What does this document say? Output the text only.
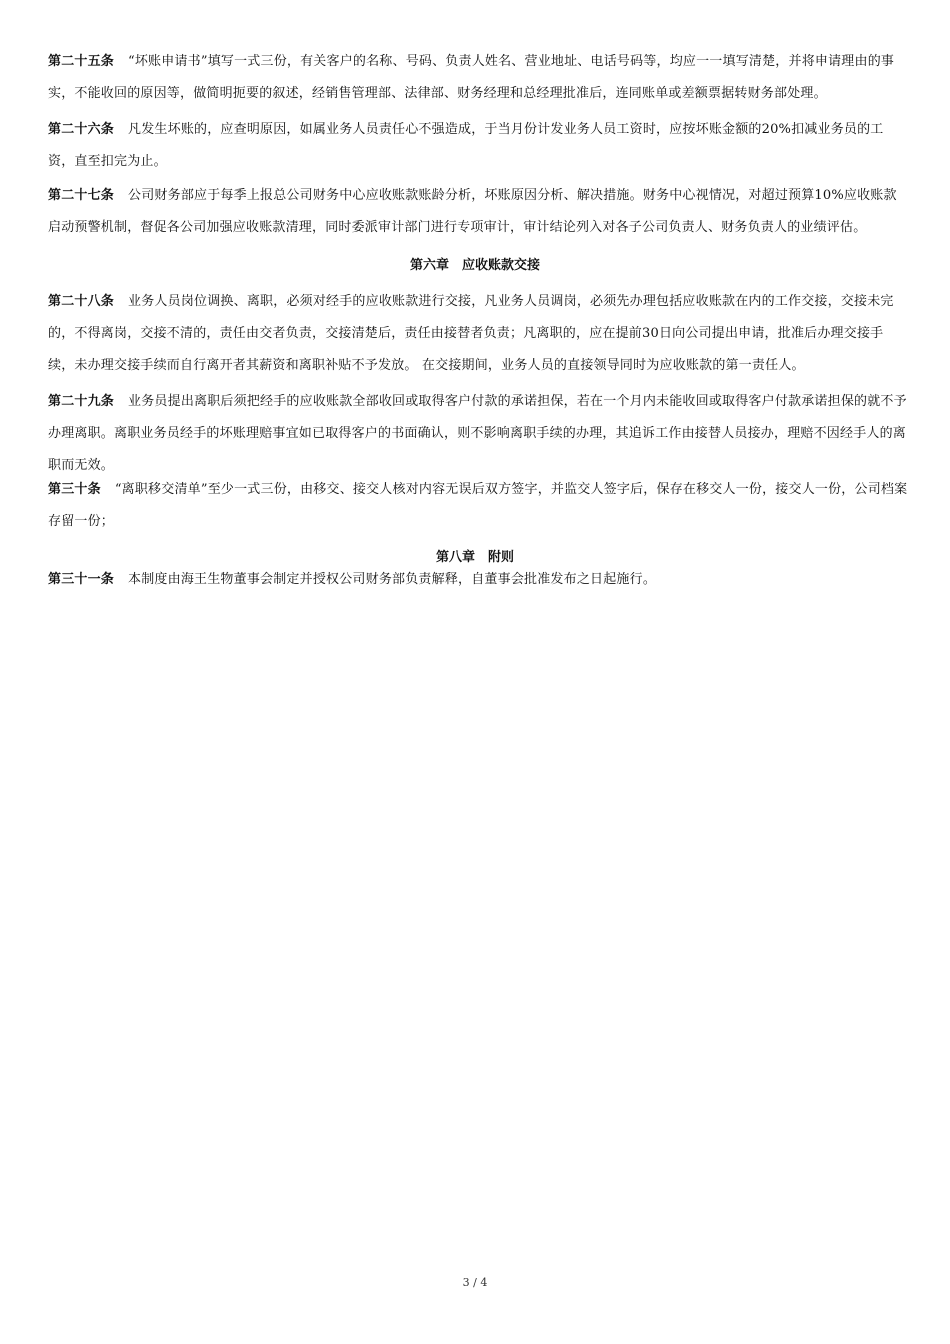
第二十五条 “坏账申请书”填写一式三份，有关客户的名称、号码、负责人姓名、营业地址、电话号码等，均应一一填写清楚，并将申请理由的事实，不能收回的原因等，做简明扼要的叙述，经销售管理部、法律部、财务经理和总经理批准后，连同账单或差额票据转财务部处理。

第二十六条 凡发生坏账的，应查明原因，如属业务人员责任心不强造成，于当月份计发业务人员工资时，应按坏账金额的20%扣减业务员的工资，直至扣完为止。

第二十七条 公司财务部应于每季上报总公司财务中心应收账款账龄分析，坏账原因分析、解决措施。财务中心视情况，对超过预算10%应收账款启动预警机制，督促各公司加强应收账款清理，同时委派审计部门进行专项审计，审计结论列入对各子公司负责人、财务负责人的业绩评估。

第六章　应收账款交接

第二十八条 业务人员岗位调换、离职，必须对经手的应收账款进行交接，凡业务人员调岗，必须先办理包括应收账款在内的工作交接，交接未完的，不得离岗，交接不清的，责任由交者负责，交接清楚后，责任由接替者负责；凡离职的，应在提前30日向公司提出申请，批准后办理交接手续，未办理交接手续而自行离开者其薪资和离职补贴不予发放。 在交接期间，业务人员的直接领导同时为应收账款的第一责任人。

第二十九条 业务员提出离职后须把经手的应收账款全部收回或取得客户付款的承诺担保，若在一个月内未能收回或取得客户付款承诺担保的就不予办理离职。离职业务员经手的坏账理赔事宜如已取得客户的书面确认，则不影响离职手续的办理，其追诉工作由接替人员接办，理赔不因经手人的离职而无效。

第三十条 “离职移交清单”至少一式三份，由移交、接交人核对内容无误后双方签字，并监交人签字后，保存在移交人一份，接交人一份，公司档案存留一份；

第八章　附则

第三十一条 本制度由海王生物董事会制定并授权公司财务部负责解释，自董事会批准发布之日起施行。

3 / 4
